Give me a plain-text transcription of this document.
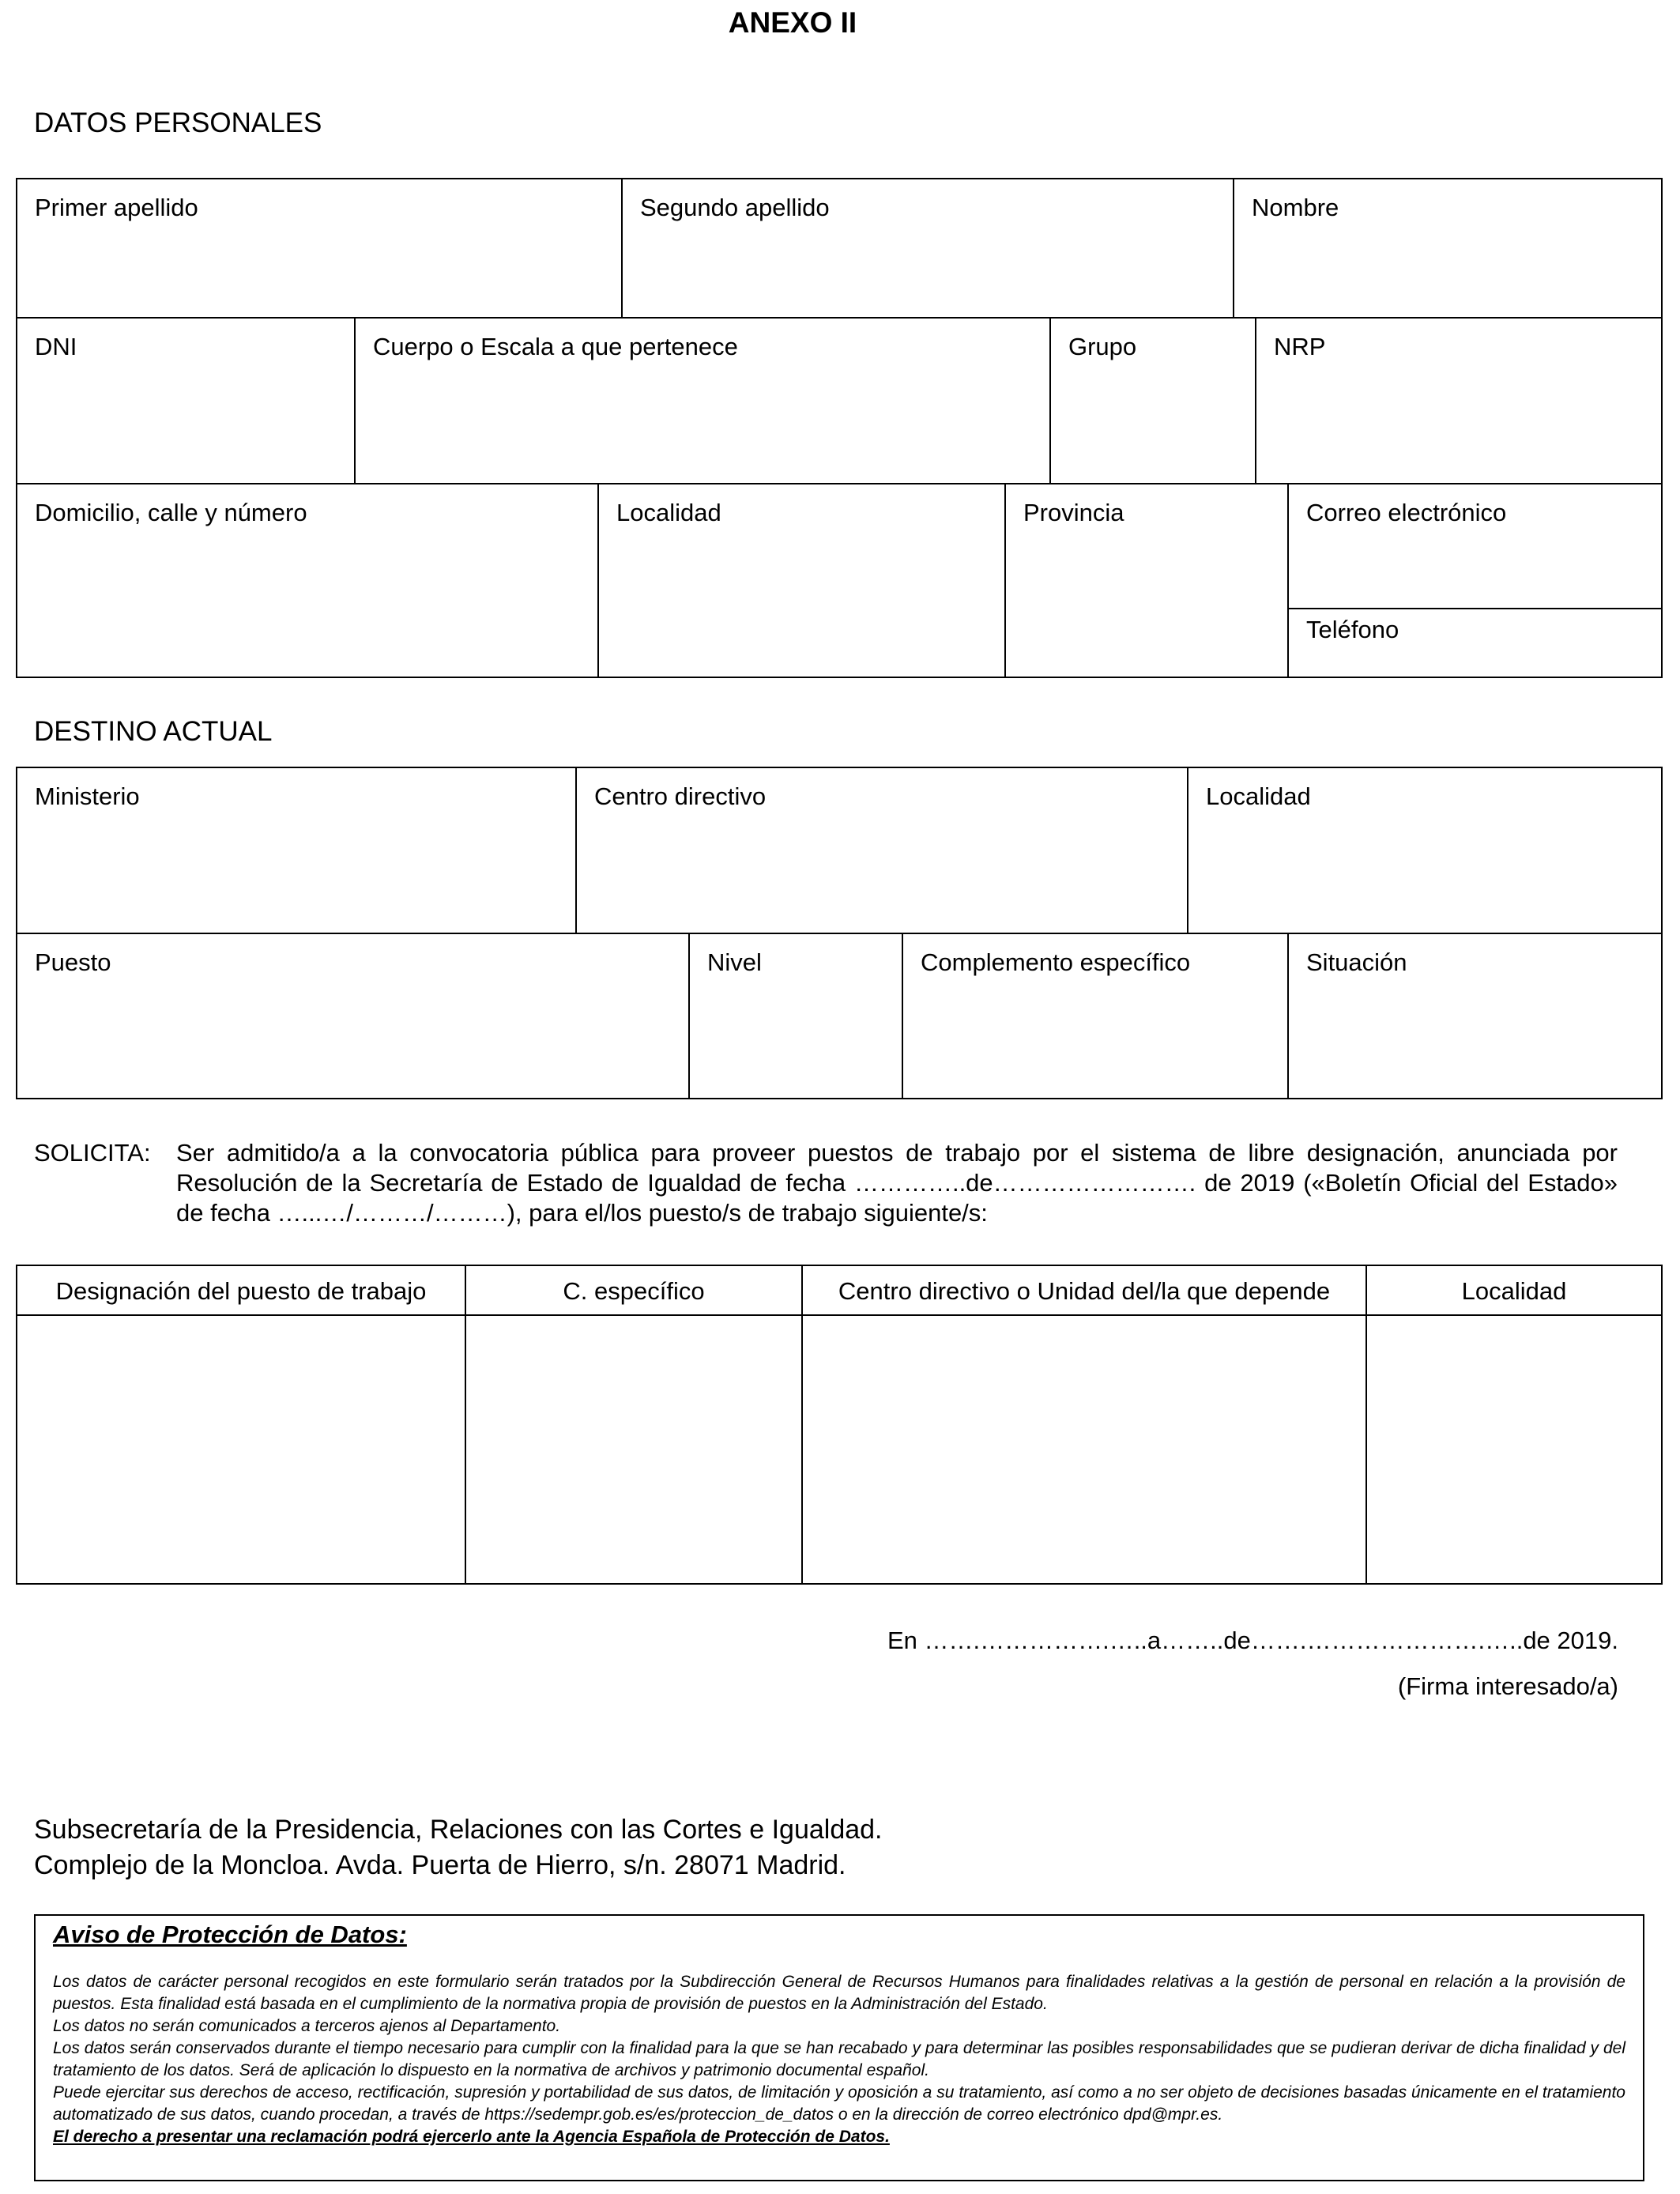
ANEXO II
DATOS PERSONALES
Primer apellido	Segundo apellido	Nombre
DNI	Cuerpo o Escala a que pertenece	Grupo	NRP
Domicilio, calle y número	Localidad	Provincia	Correo electrónico
Teléfono
DESTINO ACTUAL
Ministerio	Centro directivo	Localidad
Puesto	Nivel	Complemento específico	Situación
SOLICITA: Ser admitido/a a la convocatoria pública para proveer puestos de trabajo por el sistema de libre designación, anunciada por Resolución de la Secretaría de Estado de Igualdad de fecha …………..de……………………. de 2019 («Boletín Oficial del Estado» de fecha …...…/………/………), para el/los puesto/s de trabajo siguiente/s:
Designación del puesto de trabajo	C. específico	Centro directivo o Unidad del/la que depende	Localidad
En …….…………….…..a……..de…….………………….…..de 2019.
(Firma interesado/a)
Subsecretaría de la Presidencia, Relaciones con las Cortes e Igualdad.
Complejo de la Moncloa. Avda. Puerta de Hierro, s/n. 28071 Madrid.
Aviso de Protección de Datos:

Los datos de carácter personal recogidos en este formulario serán tratados por la Subdirección General de Recursos Humanos para finalidades relativas a la gestión de personal en relación a la provisión de puestos. Esta finalidad está basada en el cumplimiento de la normativa propia de provisión de puestos en la Administración del Estado.

Los datos no serán comunicados a terceros ajenos al Departamento.

Los datos serán conservados durante el tiempo necesario para cumplir con la finalidad para la que se han recabado y para determinar las posibles responsabilidades que se pudieran derivar de dicha finalidad y del tratamiento de los datos. Será de aplicación lo dispuesto en la normativa de archivos y patrimonio documental español.

Puede ejercitar sus derechos de acceso, rectificación, supresión y portabilidad de sus datos, de limitación y oposición a su tratamiento, así como a no ser objeto de decisiones basadas únicamente en el tratamiento automatizado de sus datos, cuando procedan, a través de https://sedempr.gob.es/es/proteccion_de_datos o en la dirección de correo electrónico dpd@mpr.es.

El derecho a presentar una reclamación podrá ejercerlo ante la Agencia Española de Protección de Datos.
